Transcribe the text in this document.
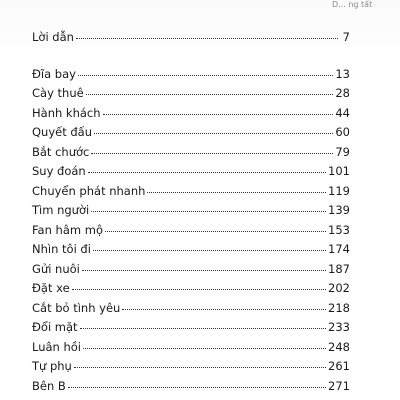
D... ng tất
Lời dẫn	7
Đĩa bay	13
Cày thuê	28
Hành khách	44
Quyết đấu	60
Bắt chước	79
Suy đoán	101
Chuyển phát nhanh	119
Tìm người	139
Fan hâm mộ	153
Nhìn tôi đi	174
Gửi nuôi	187
Đặt xe	202
Cắt bỏ tình yêu	218
Đổi mặt	233
Luân hồi	248
Tự phụ	261
Bên B	271
